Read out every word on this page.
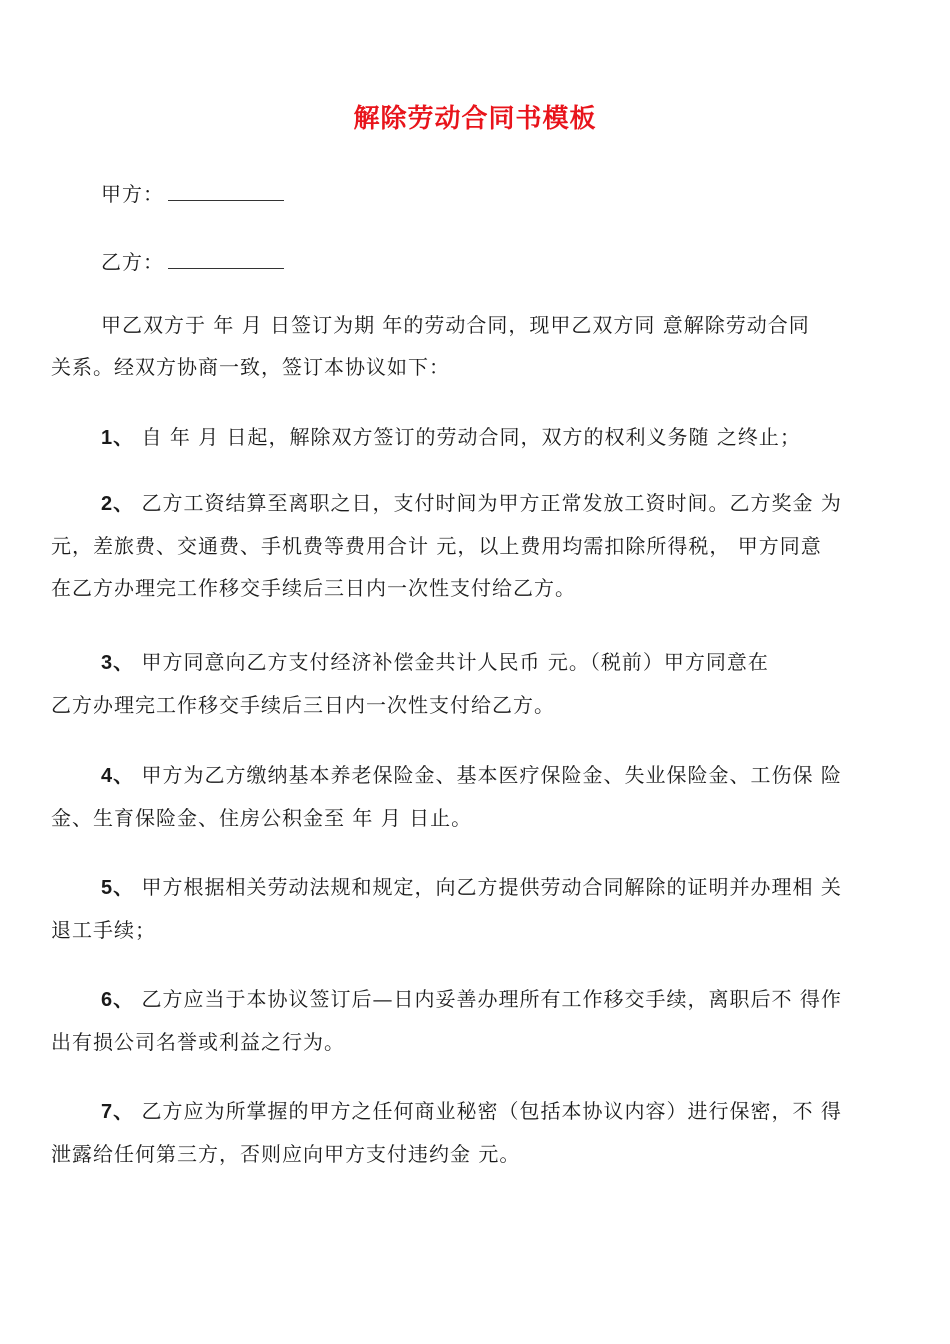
解除劳动合同书模板
甲方：
乙方：
甲乙双方于 年 月 日签订为期 年的劳动合同，现甲乙双方同 意解除劳动合同
关系。经双方协商一致，签订本协议如下：
1、 自 年 月 日起，解除双方签订的劳动合同，双方的权利义务随 之终止；
2、 乙方工资结算至离职之日，支付时间为甲方正常发放工资时间。乙方奖金 为
元，差旅费、交通费、手机费等费用合计 元，以上费用均需扣除所得税， 甲方同意
在乙方办理完工作移交手续后三日内一次性支付给乙方。
3、 甲方同意向乙方支付经济补偿金共计人民币 元。（税前）甲方同意在
乙方办理完工作移交手续后三日内一次性支付给乙方。
4、 甲方为乙方缴纳基本养老保险金、基本医疗保险金、失业保险金、工伤保 险
金、生育保险金、住房公积金至 年 月 日止。
5、 甲方根据相关劳动法规和规定，向乙方提供劳动合同解除的证明并办理相 关
退工手续；
6、 乙方应当于本协议签订后—日内妥善办理所有工作移交手续，离职后不 得作
出有损公司名誉或利益之行为。
7、 乙方应为所掌握的甲方之任何商业秘密（包括本协议内容）进行保密，不 得
泄露给任何第三方，否则应向甲方支付违约金 元。
